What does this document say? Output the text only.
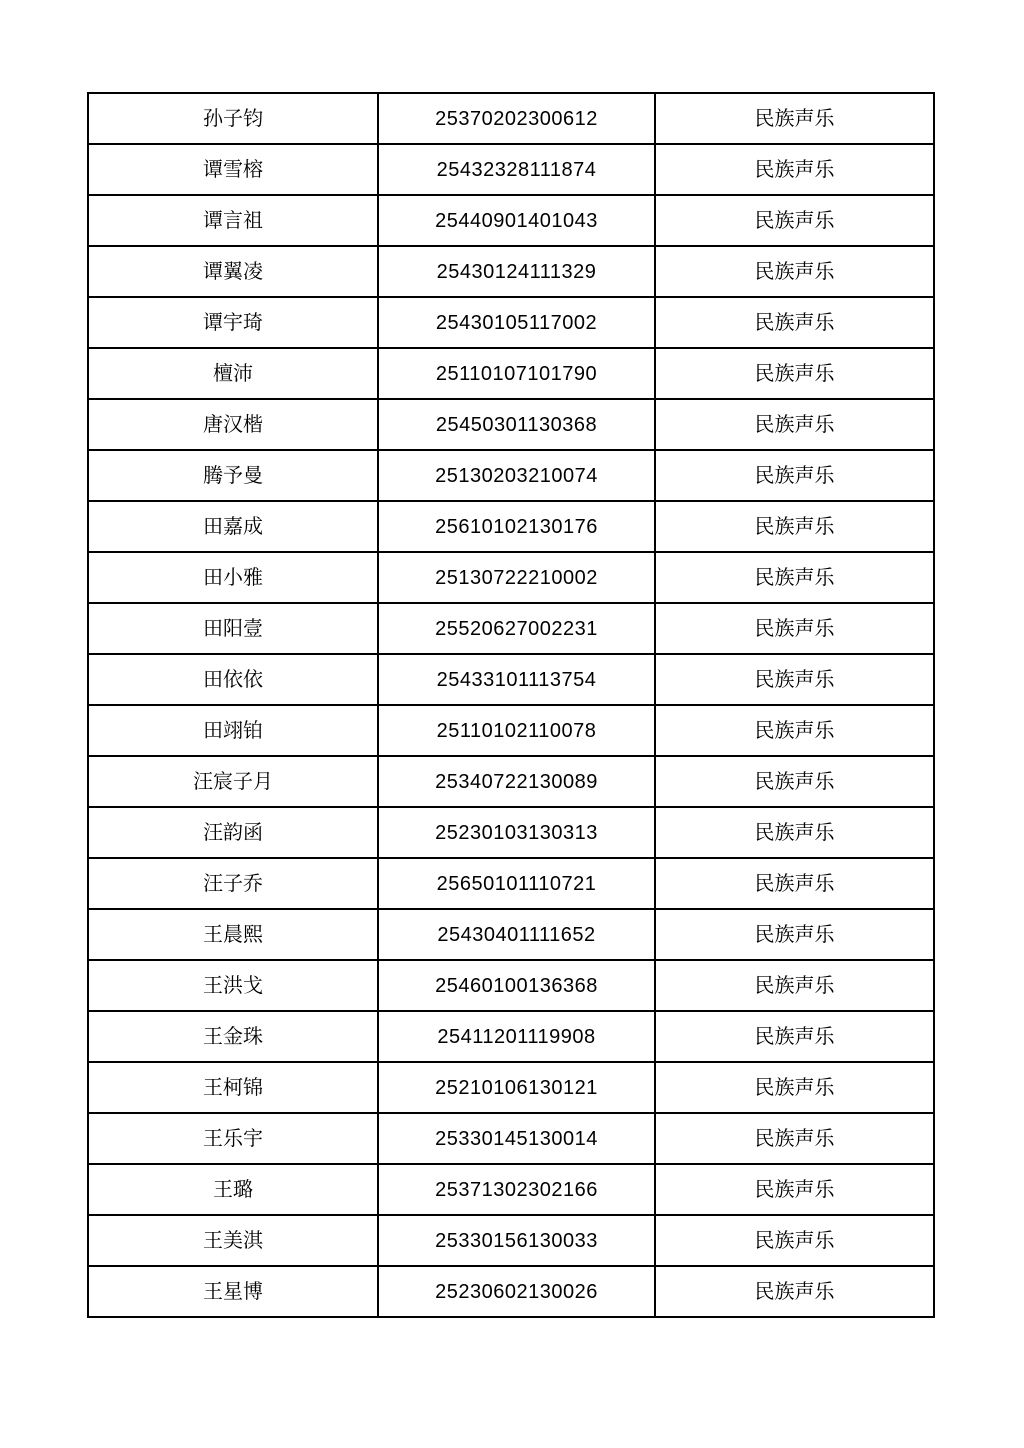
孙子钧	25370202300612	民族声乐
谭雪榕	25432328111874	民族声乐
谭言祖	25440901401043	民族声乐
谭翼凌	25430124111329	民族声乐
谭宇琦	25430105117002	民族声乐
檀沛	25110107101790	民族声乐
唐汉楷	25450301130368	民族声乐
腾予曼	25130203210074	民族声乐
田嘉成	25610102130176	民族声乐
田小雅	25130722210002	民族声乐
田阳壹	25520627002231	民族声乐
田依依	25433101113754	民族声乐
田翊铂	25110102110078	民族声乐
汪宸子月	25340722130089	民族声乐
汪韵函	25230103130313	民族声乐
汪子乔	25650101110721	民族声乐
王晨熙	25430401111652	民族声乐
王洪戈	25460100136368	民族声乐
王金珠	25411201119908	民族声乐
王柯锦	25210106130121	民族声乐
王乐宇	25330145130014	民族声乐
王璐	25371302302166	民族声乐
王美淇	25330156130033	民族声乐
王星博	25230602130026	民族声乐
